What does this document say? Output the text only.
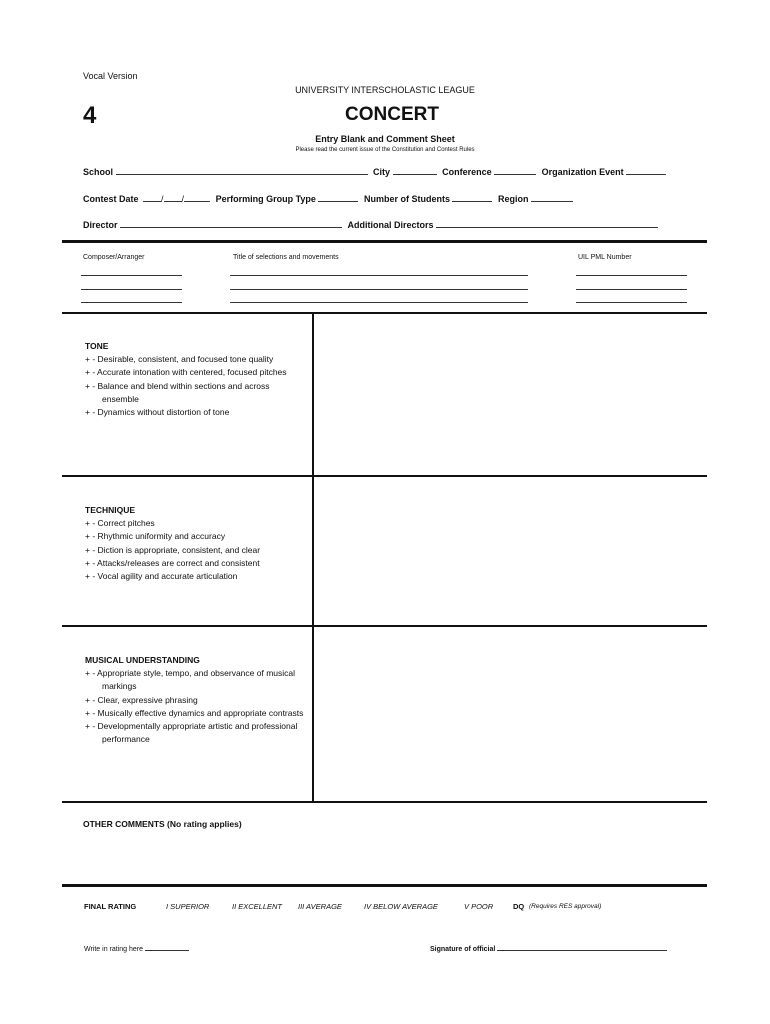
Vocal Version
UNIVERSITY INTERSCHOLASTIC LEAGUE
4	CONCERT
Entry Blank and Comment Sheet
Please read the current issue of the Constitution and Contest Rules
School	City	Conference	Organization Event
Contest Date	/ /	Performing Group Type	Number of Students	Region
Director	Additional Directors
Composer/Arranger	Title of selections and movements	UIL PML Number
TONE
+ - Desirable, consistent, and focused tone quality
+ - Accurate intonation with centered, focused pitches
+ - Balance and blend within sections and across ensemble
+ - Dynamics without distortion of tone
TECHNIQUE
+ - Correct pitches
+ - Rhythmic uniformity and accuracy
+ - Diction is appropriate, consistent, and clear
+ - Attacks/releases are correct and consistent
+ - Vocal agility and accurate articulation
MUSICAL UNDERSTANDING
+ - Appropriate style, tempo, and observance of musical markings
+ - Clear, expressive phrasing
+ - Musically effective dynamics and appropriate contrasts
+ - Developmentally appropriate artistic and professional performance
OTHER COMMENTS (No rating applies)
FINAL RATING	I SUPERIOR	II EXCELLENT III AVERAGE	IV BELOW AVERAGE	V POOR	DQ (Requires RES approval)
Write in rating here	Signature of official
